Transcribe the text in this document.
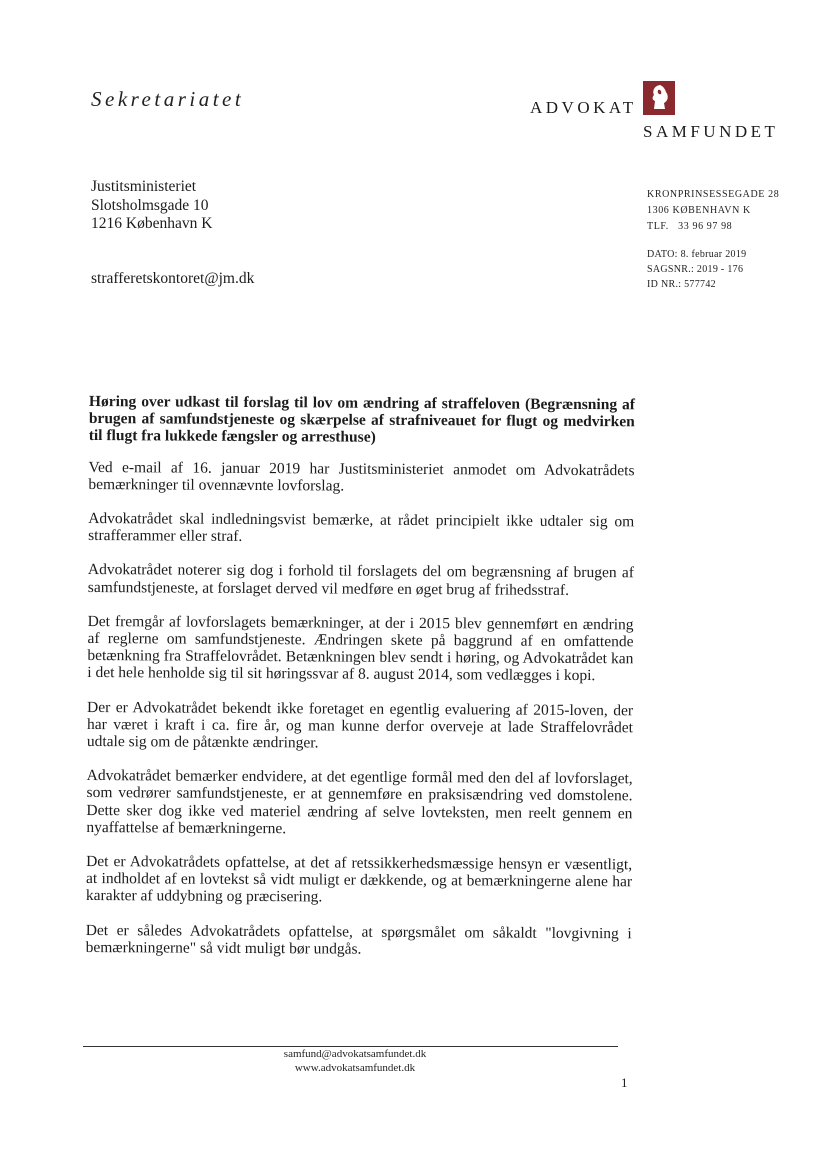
Sekretariatet	ADVOKAT
SAMFUNDET
Justitsministeriet
Slotsholmsgade 10
1216 København K
strafferetskontoret@jm.dk
KRONPRINSESSEGADE 28
1306 KØBENHAVN K
TLF.   33 96 97 98
DATO: 8. februar 2019
SAGSNR.: 2019 - 176
ID NR.: 577742

Høring over udkast til forslag til lov om ændring af straffeloven (Begrænsning af brugen af samfundstjeneste og skærpelse af strafniveauet for flugt og medvirken til flugt fra lukkede fængsler og arresthuse)

Ved e-mail af 16. januar 2019 har Justitsministeriet anmodet om Advokatrådets bemærkninger til ovennævnte lovforslag.

Advokatrådet skal indledningsvist bemærke, at rådet principielt ikke udtaler sig om strafferammer eller straf.

Advokatrådet noterer sig dog i forhold til forslagets del om begrænsning af brugen af samfundstjeneste, at forslaget derved vil medføre en øget brug af frihedsstraf.

Det fremgår af lovforslagets bemærkninger, at der i 2015 blev gennemført en ændring af reglerne om samfundstjeneste. Ændringen skete på baggrund af en omfattende betænkning fra Straffelovrådet. Betænkningen blev sendt i høring, og Advokatrådet kan i det hele henholde sig til sit høringssvar af 8. august 2014, som vedlægges i kopi.

Der er Advokatrådet bekendt ikke foretaget en egentlig evaluering af 2015-loven, der har været i kraft i ca. fire år, og man kunne derfor overveje at lade Straffelovrådet udtale sig om de påtænkte ændringer.

Advokatrådet bemærker endvidere, at det egentlige formål med den del af lovforslaget, som vedrører samfundstjeneste, er at gennemføre en praksisændring ved domstolene. Dette sker dog ikke ved materiel ændring af selve lovteksten, men reelt gennem en nyaffattelse af bemærkningerne.

Det er Advokatrådets opfattelse, at det af retssikkerhedsmæssige hensyn er væsentligt, at indholdet af en lovtekst så vidt muligt er dækkende, og at bemærkningerne alene har karakter af uddybning og præcisering.

Det er således Advokatrådets opfattelse, at spørgsmålet om såkaldt "lovgivning i bemærkningerne" så vidt muligt bør undgås.

samfund@advokatsamfundet.dk
www.advokatsamfundet.dk
1
